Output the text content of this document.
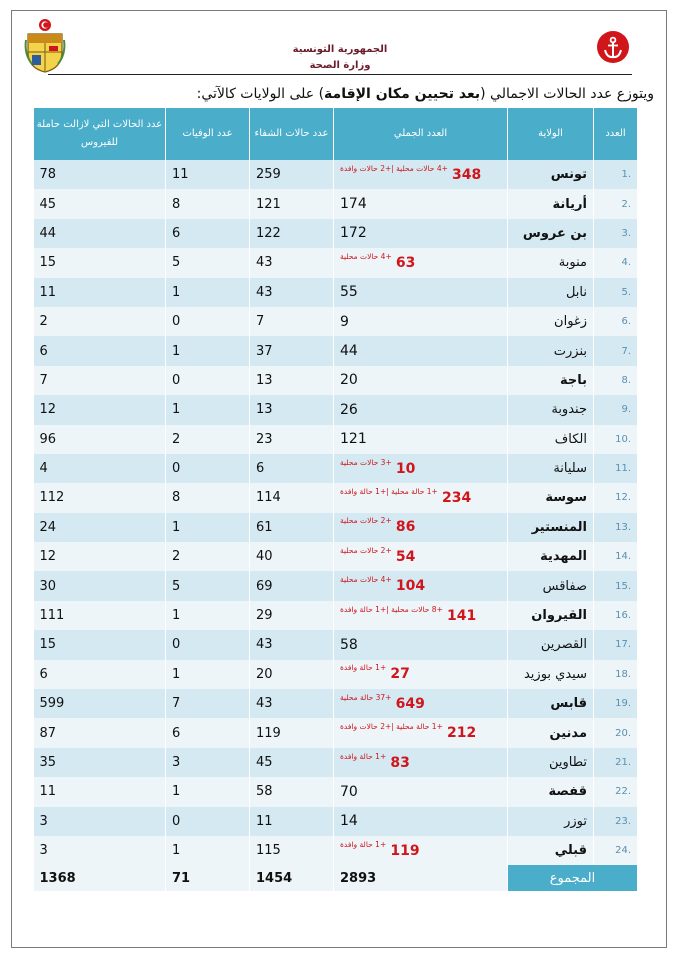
الجمهورية التونسية
وزارة الصحة
ويتوزع عدد الحالات الاجمالي (بعد تحيين مكان الإقامة) على الولايات كالآتي:
العدد	الولاية	العدد الجملي	عدد حالات الشفاء	عدد الوفيات	عدد الحالات التي لازالت حاملة للفيروس
.1	تونس	348 $^{+4 حالات محلية |+2 حالات وافدة}$	259	11	78
.2	أريانة	174	121	8	45
.3	بن عروس	172	122	6	44
.4	منوبة	63 $^{+4 حالات محلية}$	43	5	15
.5	نابل	55	43	1	11
.6	زغوان	9	7	0	2
.7	بنزرت	44	37	1	6
.8	باجة	20	13	0	7
.9	جندوبة	26	13	1	12
.10	الكاف	121	23	2	96
.11	سليانة	10 $^{+3 حالات محلية}$	6	0	4
.12	سوسة	234 $^{+1 حالة محلية |+1 حالة وافدة}$	114	8	112
.13	المنستير	86 $^{+2 حالات محلية}$	61	1	24
.14	المهدية	54 $^{+2 حالات محلية}$	40	2	12
.15	صفاقس	104 $^{+4 حالات محلية}$	69	5	30
.16	القيروان	141 $^{+8 حالات محلية |+1 حالة وافدة}$	29	1	111
.17	القصرين	58	43	0	15
.18	سيدي بوزيد	27 $^{+1 حالة وافدة}$	20	1	6
.19	قابس	649 $^{+37 حالة محلية}$	43	7	599
.20	مدنين	212 $^{+1 حالة محلية |+2 حالات وافدة}$	119	6	87
.21	تطاوين	83 $^{+1 حالة وافدة}$	45	3	35
.22	قفصة	70	58	1	11
.23	توزر	14	11	0	3
.24	قبلي	119 $^{+1 حالة وافدة}$	115	1	3
المجموع		2893	1454	71	1368
